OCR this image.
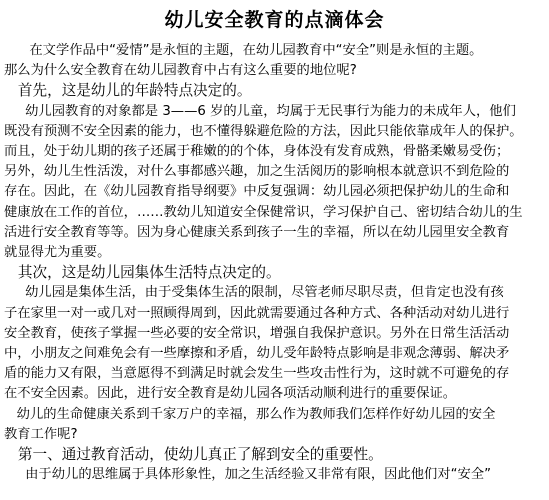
幼儿安全教育的点滴体会

在文学作品中“爱情”是永恒的主题，在幼儿园教育中“安全”则是永恒的主题。

那么为什么安全教育在幼儿园教育中占有这么重要的地位呢?

首先，这是幼儿的年龄特点决定的。

幼儿园教育的对象都是 3——6 岁的儿童，均属于无民事行为能力的未成年人，他们

既没有预测不安全因素的能力，也不懂得躲避危险的方法，因此只能依靠成年人的保护。

而且，处于幼儿期的孩子还属于稚嫩的的个体，身体没有发育成熟，骨骼柔嫩易受伤；

另外，幼儿生性活泼，对什么事都感兴趣，加之生活阅历的影响根本就意识不到危险的

存在。因此，在《幼儿园教育指导纲要》中反复强调：幼儿园必须把保护幼儿的生命和

健康放在工作的首位，……教幼儿知道安全保健常识，学习保护自己、密切结合幼儿的生

活进行安全教育等等。因为身心健康关系到孩子一生的幸福，所以在幼儿园里安全教育

就显得尤为重要。

其次，这是幼儿园集体生活特点决定的。

幼儿园是集体生活，由于受集体生活的限制，尽管老师尽职尽责，但肯定也没有孩

子在家里一对一或几对一照顾得周到，因此就需要通过各种方式、各种活动对幼儿进行

安全教育，使孩子掌握一些必要的安全常识，增强自我保护意识。另外在日常生活活动

中，小朋友之间难免会有一些摩擦和矛盾，幼儿受年龄特点影响是非观念薄弱、解决矛

盾的能力又有限，当意愿得不到满足时就会发生一些攻击性行为，这时就不可避免的存

在不安全因素。因此，进行安全教育是幼儿园各项活动顺利进行的重要保证。

幼儿的生命健康关系到千家万户的幸福，那么作为教师我们怎样作好幼儿园的安全

教育工作呢?

第一、通过教育活动，使幼儿真正了解到安全的重要性。

由于幼儿的思维属于具体形象性，加之生活经验又非常有限，因此他们对“安全”
